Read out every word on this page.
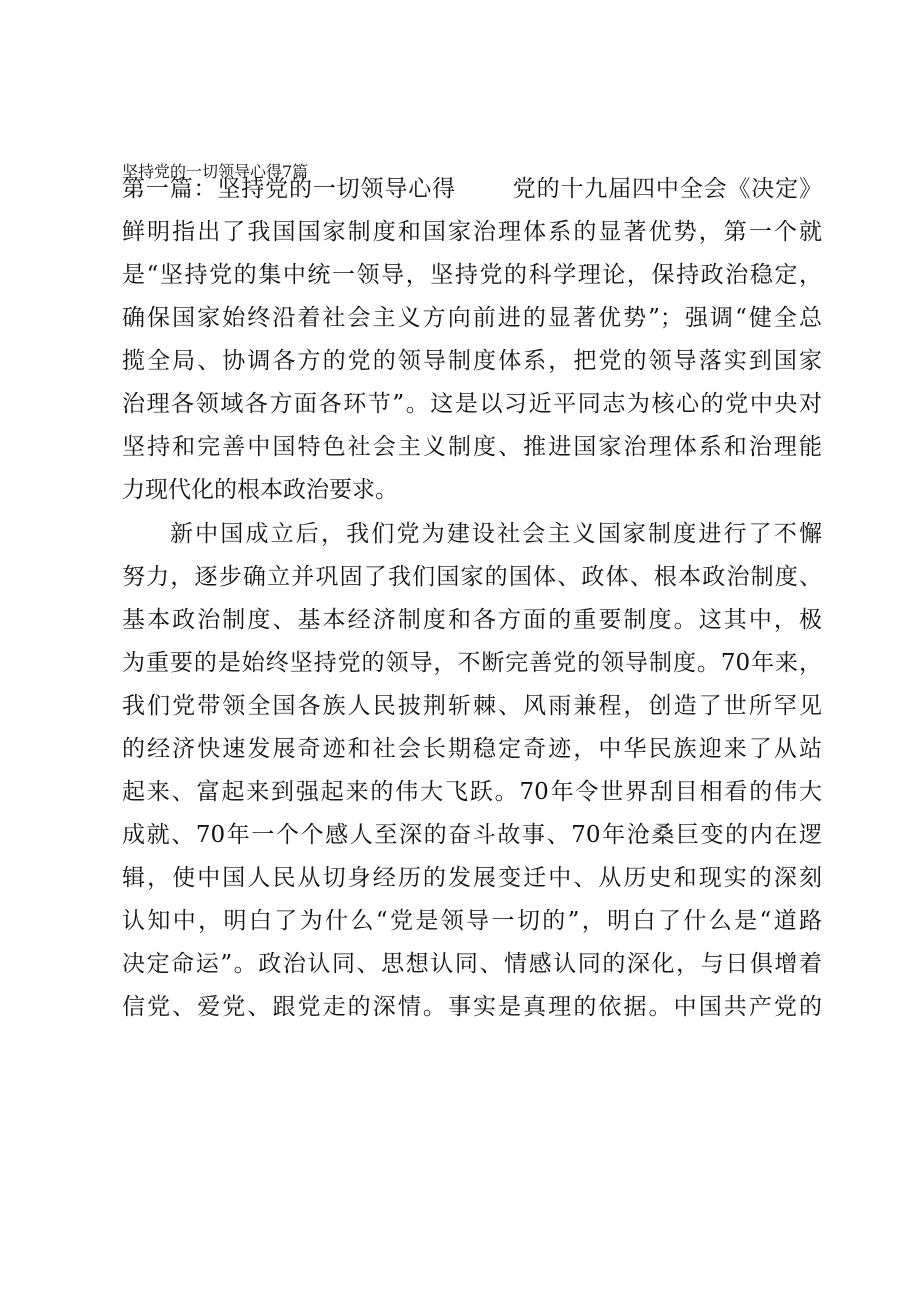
坚持党的一切领导心得7篇
第一篇：坚持党的一切领导心得 党的十九届四中全会《决定》
鲜明指出了我国国家制度和国家治理体系的显著优势，第一个就
是“坚持党的集中统一领导，坚持党的科学理论，保持政治稳定，
确保国家始终沿着社会主义方向前进的显著优势”；强调“健全总
揽全局、协调各方的党的领导制度体系，把党的领导落实到国家
治理各领域各方面各环节”。这是以习近平同志为核心的党中央对
坚持和完善中国特色社会主义制度、推进国家治理体系和治理能
力现代化的根本政治要求。
新中国成立后，我们党为建设社会主义国家制度进行了不懈
努力，逐步确立并巩固了我们国家的国体、政体、根本政治制度、
基本政治制度、基本经济制度和各方面的重要制度。这其中，极
为重要的是始终坚持党的领导，不断完善党的领导制度。70年来，
我们党带领全国各族人民披荆斩棘、风雨兼程，创造了世所罕见
的经济快速发展奇迹和社会长期稳定奇迹，中华民族迎来了从站
起来、富起来到强起来的伟大飞跃。70年令世界刮目相看的伟大
成就、70年一个个感人至深的奋斗故事、70年沧桑巨变的内在逻
辑，使中国人民从切身经历的发展变迁中、从历史和现实的深刻
认知中，明白了为什么“党是领导一切的”，明白了什么是“道路
决定命运”。政治认同、思想认同、情感认同的深化，与日俱增着
信党、爱党、跟党走的深情。事实是真理的依据。中国共产党的
